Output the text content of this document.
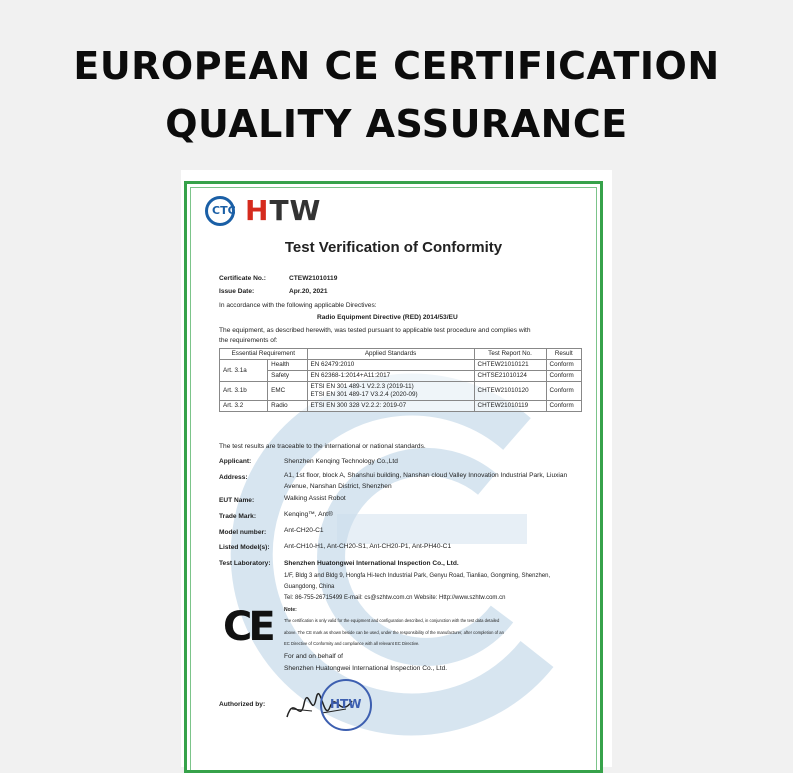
EUROPEAN CE CERTIFICATION
QUALITY ASSURANCE
CTC HTW
Test Verification of Conformity
Certificate No.:	CTEW21010119
Issue Date:	Apr.20, 2021
In accordance with the following applicable Directives:
Radio Equipment Directive (RED) 2014/53/EU
The equipment, as described herewith, was tested pursuant to applicable test procedure and complies with
the requirements of:
Essential Requirement		Applied Standards	Test Report No.	Result
Art. 3.1a	Health	EN 62479:2010	CHTEW21010121	Conform
	Safety	EN 62368-1:2014+A11:2017	CHTSE21010124	Conform
Art. 3.1b	EMC	ETSI EN 301 489-1 V2.2.3 (2019-11)
ETSI EN 301 489-17 V3.2.4 (2020-09)	CHTEW21010120	Conform
Art. 3.2	Radio	ETSI EN 300 328 V2.2.2: 2019-07	CHTEW21010119	Conform
The test results are traceable to the international or national standards.
Applicant:	Shenzhen Kenqing Technology Co.,Ltd
Address:	A1, 1st floor, block A, Shanshui building, Nanshan cloud Valley Innovation Industrial Park, Liuxian
Avenue, Nanshan District, Shenzhen
EUT Name:	Walking Assist Robot
Trade Mark:	Kenqing™, Ant®
Model number:	Ant-CH20-C1
Listed Model(s): Ant-CH10-H1, Ant-CH20-S1, Ant-CH20-P1, Ant-PH40-C1
Test Laboratory: Shenzhen Huatongwei International Inspection Co., Ltd.
1/F, Bldg 3 and Bldg 9, Hongfa Hi-tech Industrial Park, Genyu Road, Tianliao, Gongming, Shenzhen,
Guangdong, China
Tel: 86-755-26715499 E-mail: cs@szhtw.com.cn Website: Http://www.szhtw.com.cn
Note:
The certification is only valid for the equipment and configuration described, in conjunction with the test data detailed
above. The CE mark as shown beside can be used, under the responsibility of the manufacturer, after completion of an
EC Directive of Conformity and compliance with all relevant EC Directive.
CE
For and on behalf of
Shenzhen Huatongwei International Inspection Co., Ltd.
Authorized by:	HTW
